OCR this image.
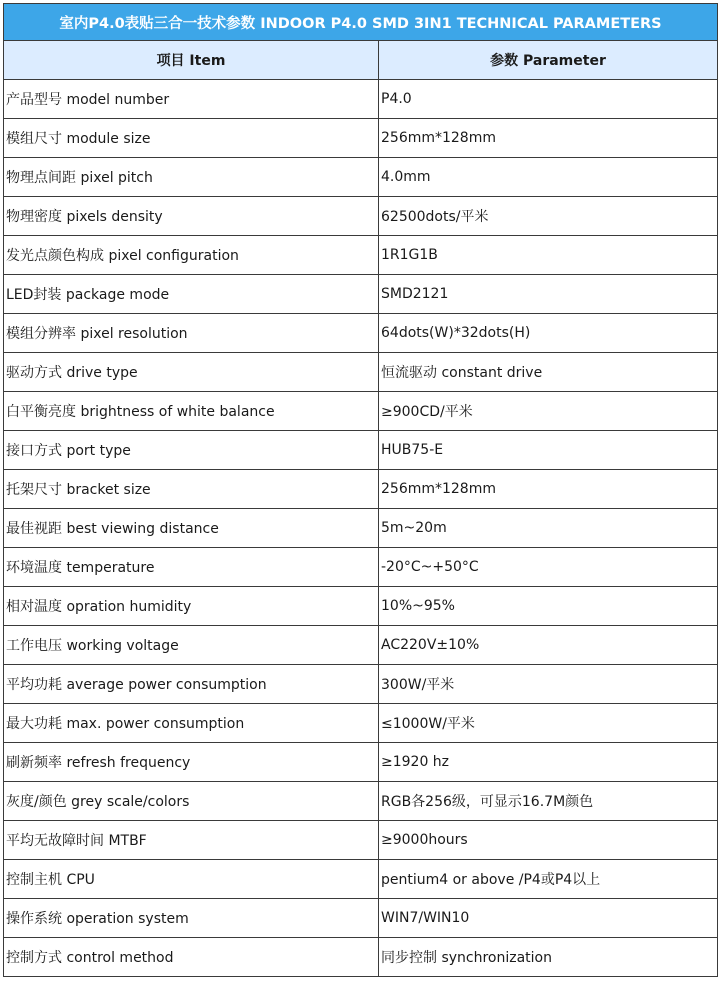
室内P4.0表贴三合一技术参数 INDOOR P4.0 SMD 3IN1 TECHNICAL PARAMETERS	
项目 Item	参数 Parameter
产品型号 model number	P4.0
模组尺寸 module size	256mm*128mm
物理点间距 pixel pitch	4.0mm
物理密度 pixels density	62500dots/平米
发光点颜色构成 pixel configuration	1R1G1B
LED封装 package mode	SMD2121
模组分辨率 pixel resolution	64dots(W)*32dots(H)
驱动方式 drive type	恒流驱动 constant drive
白平衡亮度 brightness of white balance	≥900CD/平米
接口方式 port type	HUB75-E
托架尺寸 bracket size	256mm*128mm
最佳视距 best viewing distance	5m~20m
环境温度 temperature	-20°C~+50°C
相对温度 opration humidity	10%~95%
工作电压 working voltage	AC220V±10%
平均功耗 average power consumption	300W/平米
最大功耗 max. power consumption	≤1000W/平米
刷新频率 refresh frequency	≥1920 hz
灰度/颜色 grey scale/colors	RGB各256级，可显示16.7M颜色
平均无故障时间 MTBF	≥9000hours
控制主机 CPU	pentium4 or above /P4或P4以上
操作系统 operation system	WIN7/WIN10
控制方式 control method	同步控制 synchronization
